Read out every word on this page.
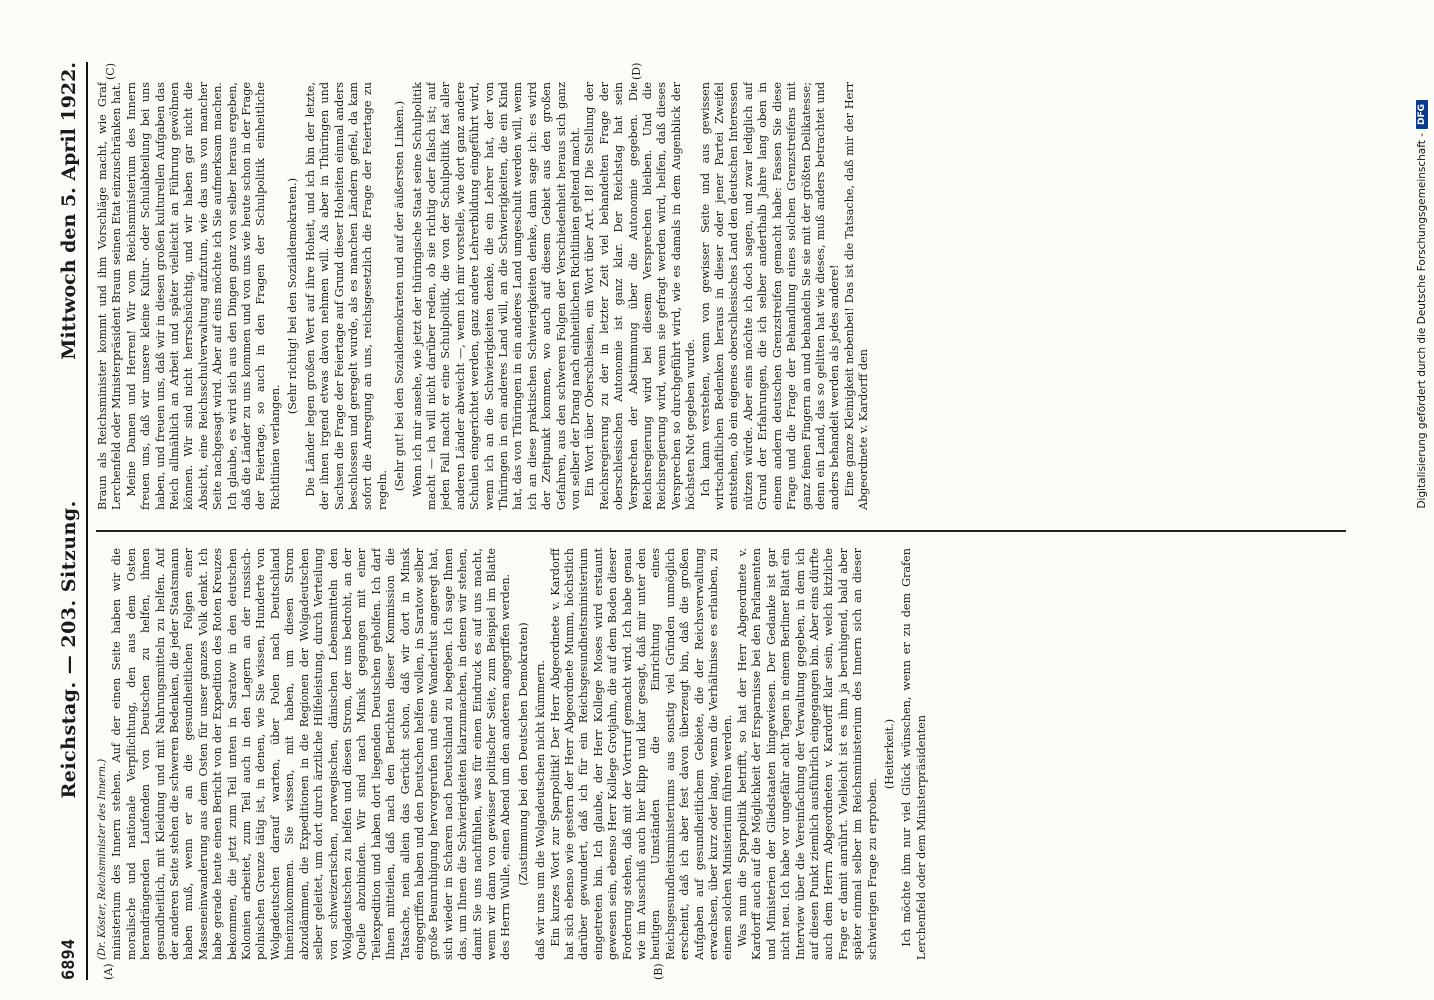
6894
Reichstag. — 203. Sitzung.
Mittwoch den 5. April 1922.
(A)	(B)
(C)	(D)

(Dr. Köster, Reichsminister des Innern.) ministerium des Innern stehen. Auf der einen Seite haben wir die moralische und nationale Verpflichtung, den aus dem Osten herandrängenden Laufenden von Deutschen zu helfen, ihnen gesundheitlich, mit Kleidung und mit Nahrungsmitteln zu helfen. Auf der anderen Seite stehen die schweren Bedenken, die jeder Staatsmann haben muß, wenn er an die gesundheitlichen Folgen einer Masseneinwanderung aus dem Osten für unser ganzes Volk denkt. Ich habe gerade heute einen Bericht von der Expedition des Roten Kreuzes bekommen, die jetzt zum Teil unten in Saratow in den deutschen Kolonien arbeitet, zum Teil auch in den Lagern an der russisch-polnischen Grenze tätig ist, in denen, wie Sie wissen, Hunderte von Wolgadeutschen darauf warten, über Polen nach Deutschland hineinzukommen. Sie wissen, mit haben, um diesen Strom abzudämmen, die Expeditionen in die Regionen der Wolgadeutschen selber geleitet, um dort durch ärztliche Hilfeleistung, durch Verteilung von schweizerischen, norwegischen, dänischen Lebensmitteln den Wolgadeutschen zu helfen und diesen Strom, der uns bedroht, an der Quelle abzubinden. Wir sind nach Minsk gegangen mit einer Teilexpedition und haben dort liegenden Deutschen geholfen. Ich darf Ihnen mitteilen, daß nach den Berichten dieser Kommission die Tatsache, nein allein das Gerücht schon, daß wir dort in Minsk eingegriffen haben und den Deutschen helfen wollen, in Saratow selber große Beunruhigung hervorgerufen und eine Wanderlust angeregt hat, sich wieder in Scharen nach Deutschland zu begeben. Ich sage Ihnen das, um Ihnen die Schwierigkeiten klarzumachen, in denen wir stehen, damit Sie uns nachfühlen, was für einen Eindruck es auf uns macht, wenn wir dann von gewisser politischer Seite, zum Beispiel im Blatte des Herrn Wulle, einen Abend um den anderen angegriffen werden. (Zustimmung bei den Deutschen Demokraten) daß wir uns um die Wolgadeutschen nicht kümmern. Ein kurzes Wort zur Sparpolitik! Der Herr Abgeordnete v. Kardorff hat sich ebenso wie gestern der Herr Abgeordnete Mumm, höchstlich darüber gewundert, daß ich für ein Reichsgesundheitsministerium eingetreten bin. Ich glaube, der Herr Kollege Moses wird erstaunt gewesen sein, ebenso Herr Kollege Grotjahn, die auf dem Boden dieser Forderung stehen, daß mit der Vortrurf gemacht wird. Ich habe genau wie im Ausschuß auch hier klipp und klar gesagt, daß mir unter den heutigen Umständen die Einrichtung eines Reichsgesundheitsministeriums aus sonstig viel Gründen unmöglich erscheint, daß ich aber fest davon überzeugt bin, daß die großen Aufgaben auf gesundheitlichem Gebiete, die der Reichsverwaltung erwachsen, über kurz oder lang, wenn die Verhältnisse es erlauben, zu einem solchen Ministerium führen werden. Was nun die Sparpolitik betrifft, so hat der Herr Abgeordnete v. Kardorff auch auf die Möglichkeit der Ersparnisse bei den Parlamenten und Ministerien der Gliedstaaten hingewiesen. Der Gedanke ist gar nicht neu. Ich habe vor ungefähr acht Tagen in einem Berliner Blatt ein Interview über die Vereinfachung der Verwaltung gegeben, in dem ich auf diesen Punkt ziemlich ausführlich eingegangen bin. Aber eins dürfte auch dem Herrn Abgeordneten v. Kardorff klar sein, welch kitzliche Frage er damit anrührt. Vielleicht ist es ihm ja beruhigend, bald aber später einmal selber im Reichsministerium des Innern sich an dieser schwierigen Frage zu erproben.

(Heiterkeit.) Ich möchte ihm nur viel Glück wünschen, wenn er zu dem Grafen Lerchenfeld oder dem Ministerpräsidenten

Braun als Reichsminister kommt und ihm Vorschläge macht, wie Graf Lerchenfeld oder Ministerpräsident Braun seinen Etat einzuschränken hat. Meine Damen und Herren! Wir vom Reichsministerium des Innern freuen uns, daß wir unsere kleine Kultur- oder Schulabteilung bei uns haben, und freuen uns, daß wir in diesen großen kulturellen Aufgaben das Reich allmählich an Arbeit und später vielleicht an Führung gewöhnen können. Wir sind nicht herrschsüchtig, und wir haben gar nicht die Absicht, eine Reichsschulverwaltung aufzutun, wie das uns von mancher Seite nachgesagt wird. Aber auf eins möchte ich Sie aufmerksam machen. Ich glaube, es wird sich aus den Dingen ganz von selber heraus ergeben, daß die Länder zu uns kommen und von uns wie heute schon in der Frage der Feiertage, so auch in den Fragen der Schulpolitik einheitliche Richtlinien verlangen.

(Sehr richtig! bei den Sozialdemokraten.) Die Länder legen großen Wert auf ihre Hoheit, und ich bin der letzte, der ihnen irgend etwas davon nehmen will. Als aber in Thüringen und Sachsen die Frage der Feiertage auf Grund dieser Hoheiten einmal anders beschlossen und geregelt wurde, als es manchen Ländern gefiel, da kam sofort die Anregung an uns, reichsgesetzlich die Frage der Feiertage zu regeln. (Sehr gut! bei den Sozialdemokraten und auf der äußersten Linken.) Wenn ich mir ansehe, wie jetzt der thüringische Staat seine Schulpolitik macht — ich will nicht darüber reden, ob sie richtig oder falsch ist; auf jeden Fall macht er eine Schulpolitik, die von der Schulpolitik fast aller anderen Länder abweicht —, wenn ich mir vorstelle, wie dort ganz andere Schulen eingerichtet werden, ganz andere Lehrerbildung eingeführt wird, wenn ich an die Schwierigkeiten denke, die ein Lehrer hat, der von Thüringen in ein anderes Land will, an die Schwierigkeiten, die ein Kind hat, das von Thüringen in ein anderes Land umgeschult werden will, wenn ich an diese praktischen Schwierigkeiten denke, dann sage ich: es wird der Zeitpunkt kommen, wo auch auf diesem Gebiet aus den großen Gefahren, aus den schweren Folgen der Verschiedenheit heraus sich ganz von selber der Drang nach einheitlichen Richtlinien geltend macht. Ein Wort über Oberschlesien, ein Wort über Art. 18! Die Stellung der Reichsregierung zu der in letzter Zeit viel behandelten Frage der oberschlesischen Autonomie ist ganz klar. Der Reichstag hat sein Versprechen der Abstimmung über die Autonomie gegeben. Die Reichsregierung wird bei diesem Versprechen bleiben. Und die Reichsregierung wird, wenn sie gefragt werden wird, helfen, daß dieses Versprechen so durchgeführt wird, wie es damals in dem Augenblick der höchsten Not gegeben wurde. Ich kann verstehen, wenn von gewisser Seite und aus gewissen wirtschaftlichen Bedenken heraus in dieser oder jener Partei Zweifel entstehen, ob ein eigenes oberschlesisches Land den deutschen Interessen nützen würde. Aber eins möchte ich doch sagen, und zwar lediglich auf Grund der Erfahrungen, die ich selber anderthalb Jahre lang oben in einem andern deutschen Grenzstreifen gemacht habe: Fassen Sie diese Frage und die Frage der Behandlung eines solchen Grenzstreifens mit ganz feinen Fingern an und behandeln Sie sie mit der größten Delikatesse; denn ein Land, das so gelitten hat wie dieses, muß anders betrachtet und anders behandelt werden als jedes andere! Eine ganze Kleinigkeit nebenbei! Das ist die Tatsache, daß mir der Herr Abgeordnete v. Kardorff den	Digitalisierung gefördert durch die Deutsche Forschungsgemeinschaft -
DFG
